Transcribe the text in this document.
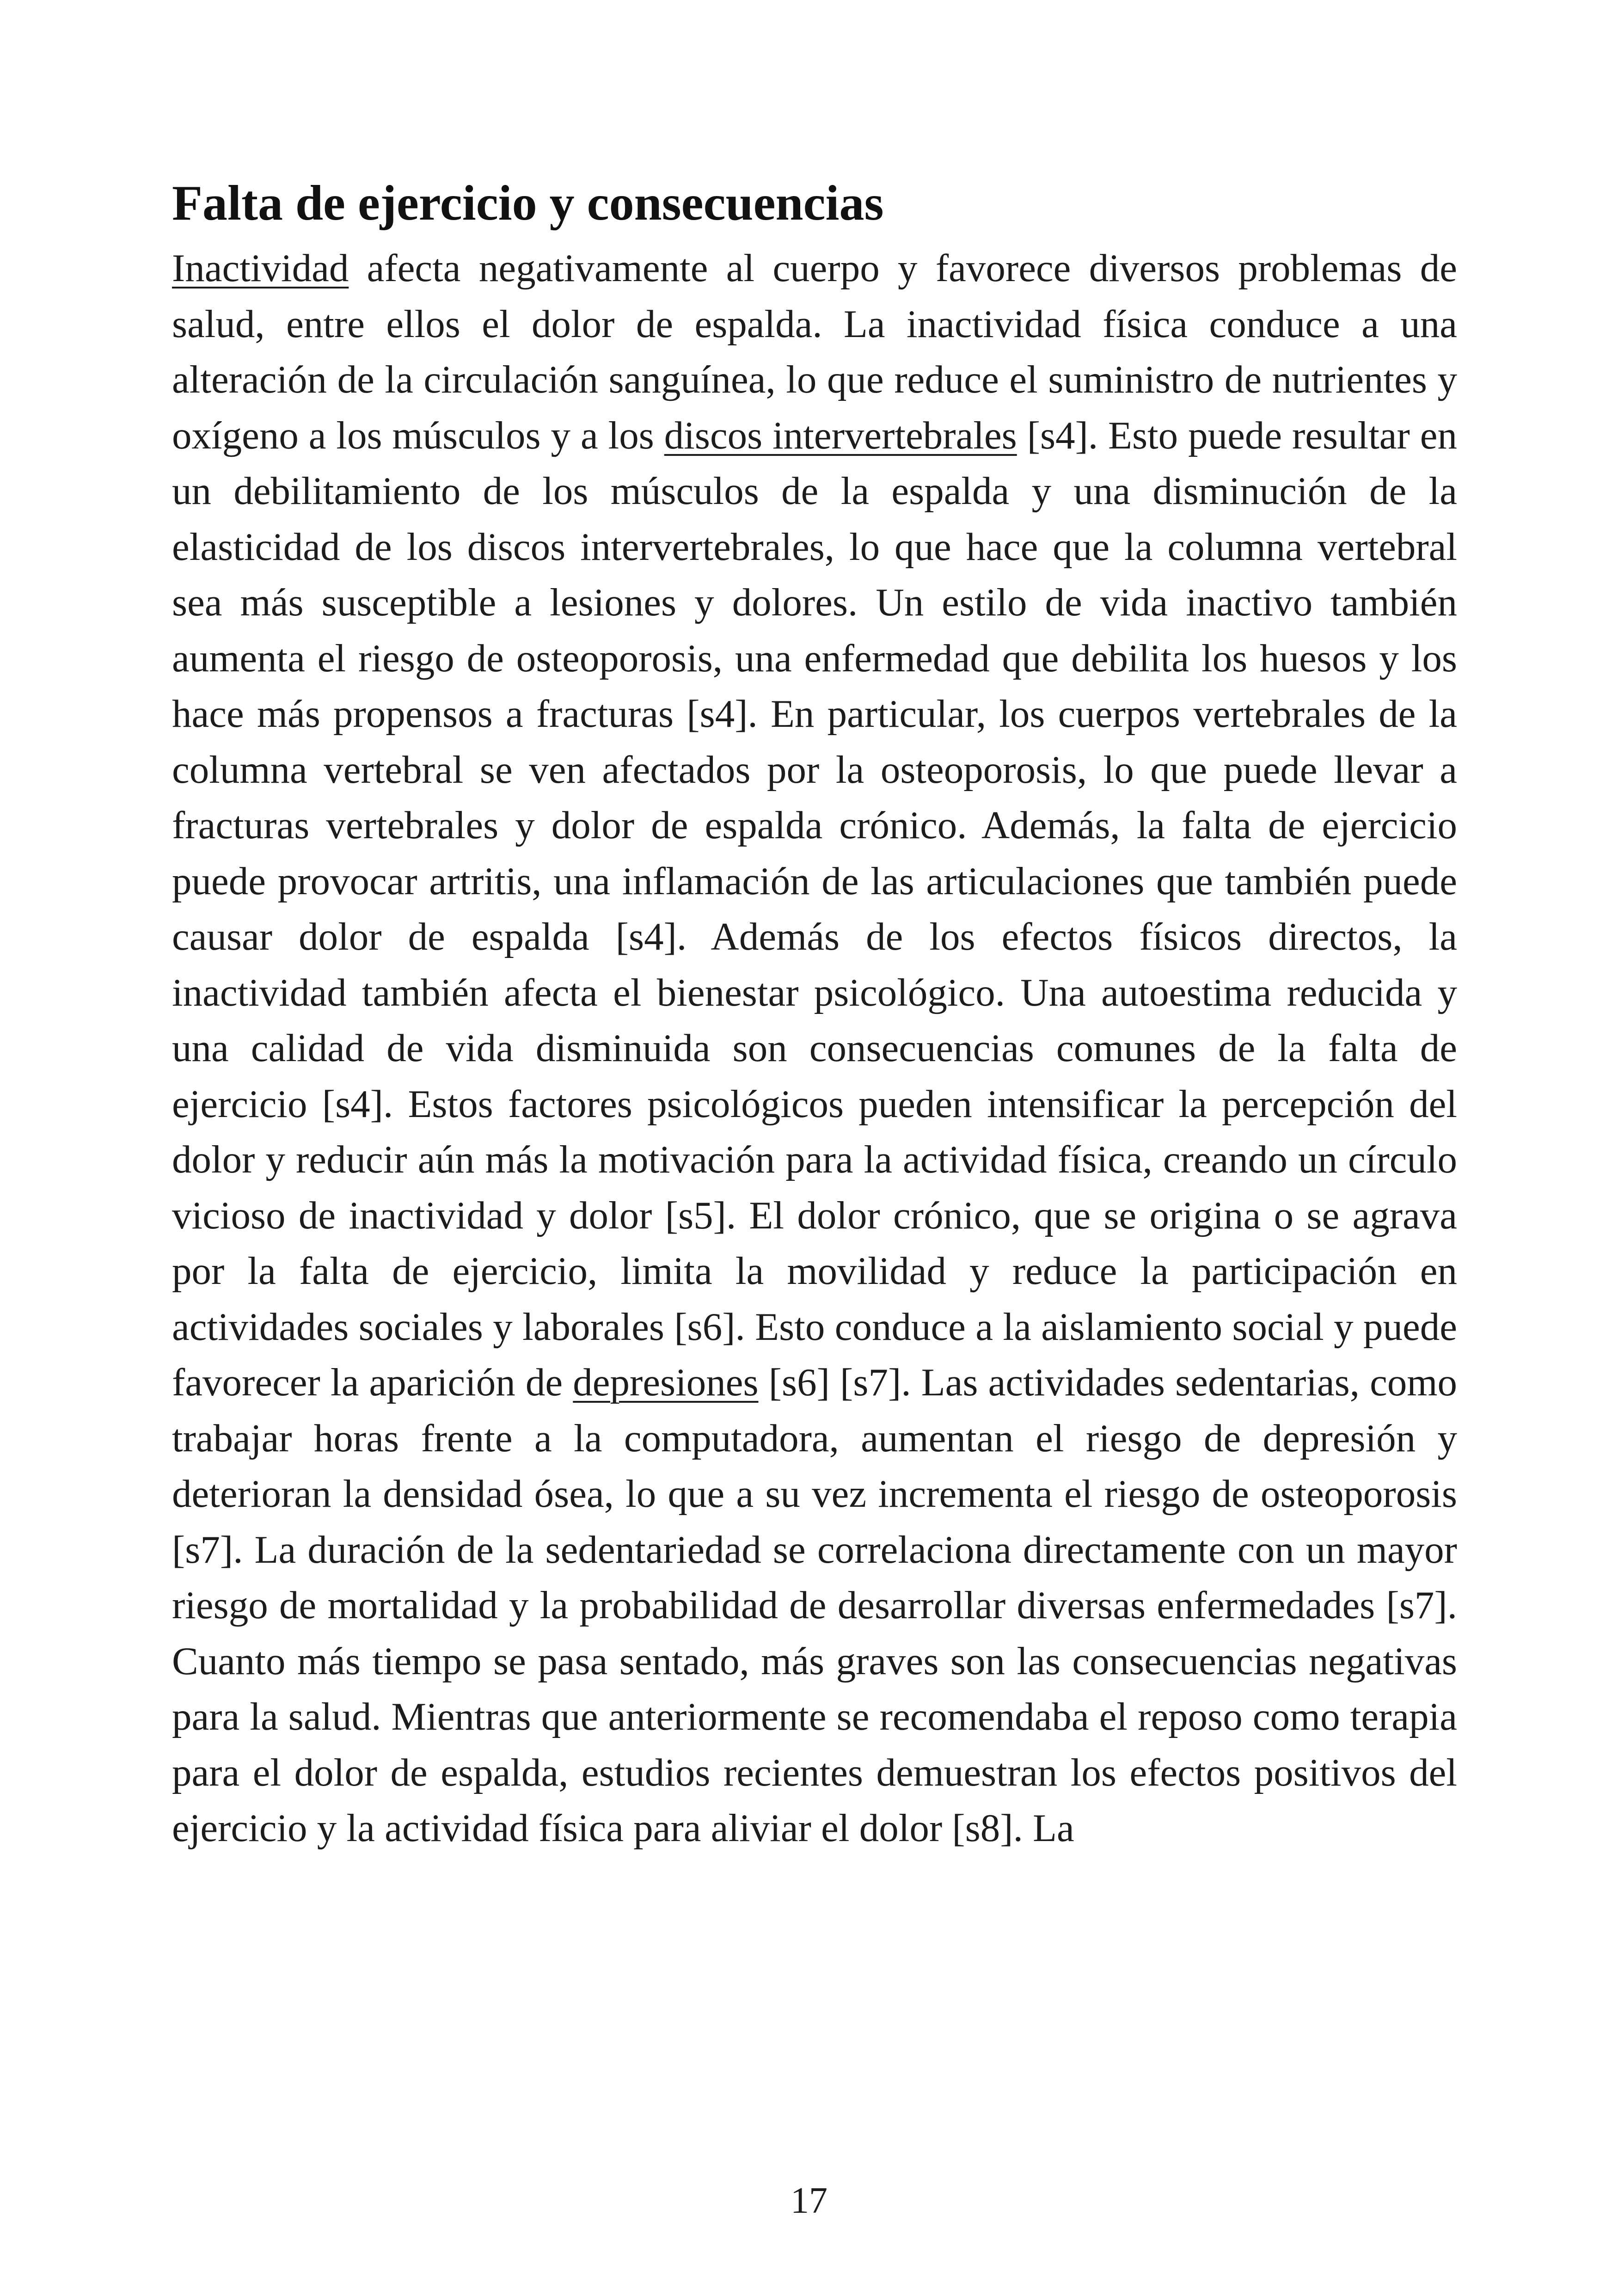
Falta de ejercicio y consecuencias

Inactividad afecta negativamente al cuerpo y favorece diversos problemas de salud, entre ellos el dolor de espalda. La inactividad física conduce a una alteración de la circulación sanguínea, lo que reduce el suministro de nutrientes y oxígeno a los músculos y a los discos intervertebrales [s4]. Esto puede resultar en un debilitamiento de los músculos de la espalda y una disminución de la elasticidad de los discos intervertebrales, lo que hace que la columna vertebral sea más susceptible a lesiones y dolores. Un estilo de vida inactivo también aumenta el riesgo de osteoporosis, una enfermedad que debilita los huesos y los hace más propensos a fracturas [s4]. En particular, los cuerpos vertebrales de la columna vertebral se ven afectados por la osteoporosis, lo que puede llevar a fracturas vertebrales y dolor de espalda crónico. Además, la falta de ejercicio puede provocar artritis, una inflamación de las articulaciones que también puede causar dolor de espalda [s4]. Además de los efectos físicos directos, la inactividad también afecta el bienestar psicológico. Una autoestima reducida y una calidad de vida disminuida son consecuencias comunes de la falta de ejercicio [s4]. Estos factores psicológicos pueden intensificar la percepción del dolor y reducir aún más la motivación para la actividad física, creando un círculo vicioso de inactividad y dolor [s5]. El dolor crónico, que se origina o se agrava por la falta de ejercicio, limita la movilidad y reduce la participación en actividades sociales y laborales [s6]. Esto conduce a la aislamiento social y puede favorecer la aparición de depresiones [s6] [s7]. Las actividades sedentarias, como trabajar horas frente a la computadora, aumentan el riesgo de depresión y deterioran la densidad ósea, lo que a su vez incrementa el riesgo de osteoporosis [s7]. La duración de la sedentariedad se correlaciona directamente con un mayor riesgo de mortalidad y la probabilidad de desarrollar diversas enfermedades [s7]. Cuanto más tiempo se pasa sentado, más graves son las consecuencias negativas para la salud. Mientras que anteriormente se recomendaba el reposo como terapia para el dolor de espalda, estudios recientes demuestran los efectos positivos del ejercicio y la actividad física para aliviar el dolor [s8]. La

17
